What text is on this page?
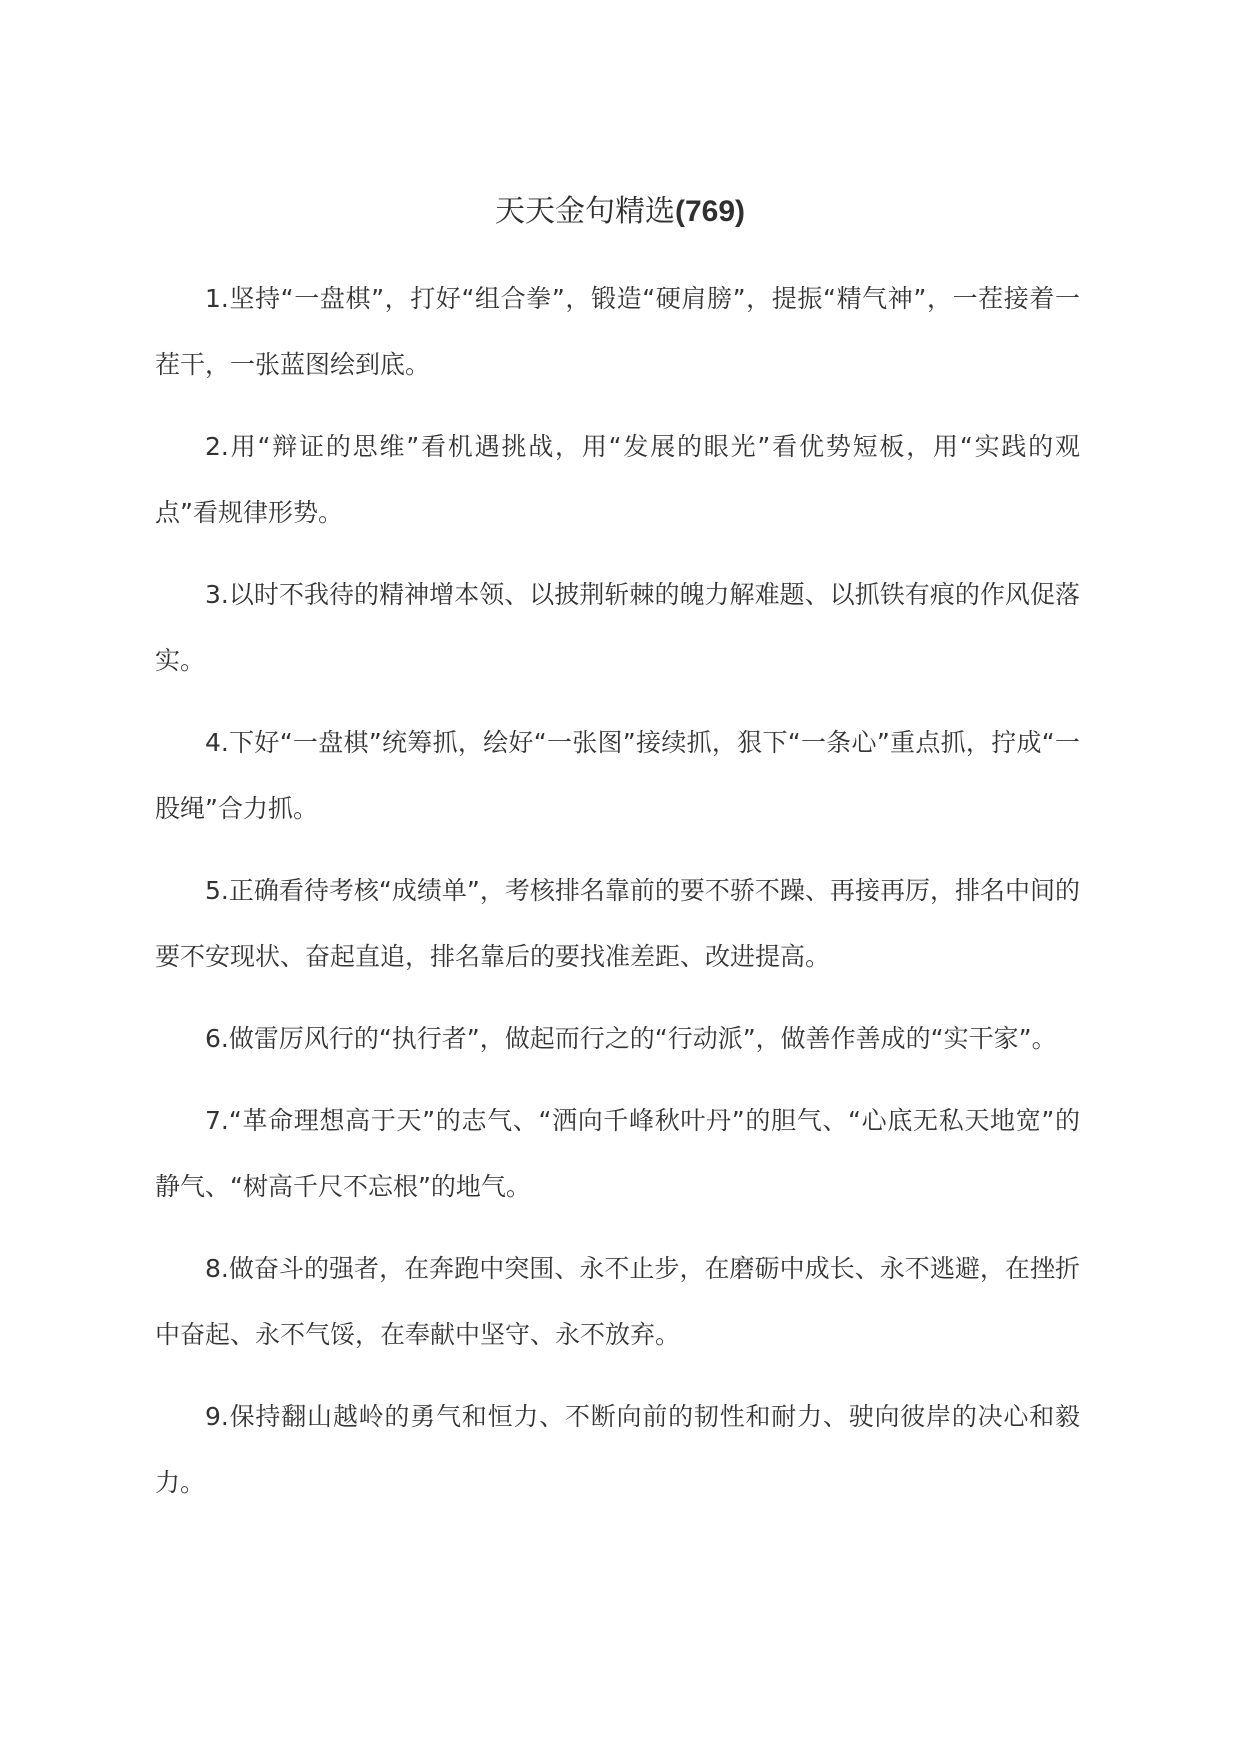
天天金句精选(769)

1.坚持“一盘棋”，打好“组合拳”，锻造“硬肩膀”，提振“精气神”，一茬接着一茬干，一张蓝图绘到底。

2.用“辩证的思维”看机遇挑战，用“发展的眼光”看优势短板，用“实践的观点”看规律形势。

3.以时不我待的精神增本领、以披荆斩棘的魄力解难题、以抓铁有痕的作风促落实。

4.下好“一盘棋”统筹抓，绘好“一张图”接续抓，狠下“一条心”重点抓，拧成“一股绳”合力抓。

5.正确看待考核“成绩单”，考核排名靠前的要不骄不躁、再接再厉，排名中间的要不安现状、奋起直追，排名靠后的要找准差距、改进提高。

6.做雷厉风行的“执行者”，做起而行之的“行动派”，做善作善成的“实干家”。

7.“革命理想高于天”的志气、“洒向千峰秋叶丹”的胆气、“心底无私天地宽”的静气、“树高千尺不忘根”的地气。

8.做奋斗的强者，在奔跑中突围、永不止步，在磨砺中成长、永不逃避，在挫折中奋起、永不气馁，在奉献中坚守、永不放弃。

9.保持翻山越岭的勇气和恒力、不断向前的韧性和耐力、驶向彼岸的决心和毅力。
